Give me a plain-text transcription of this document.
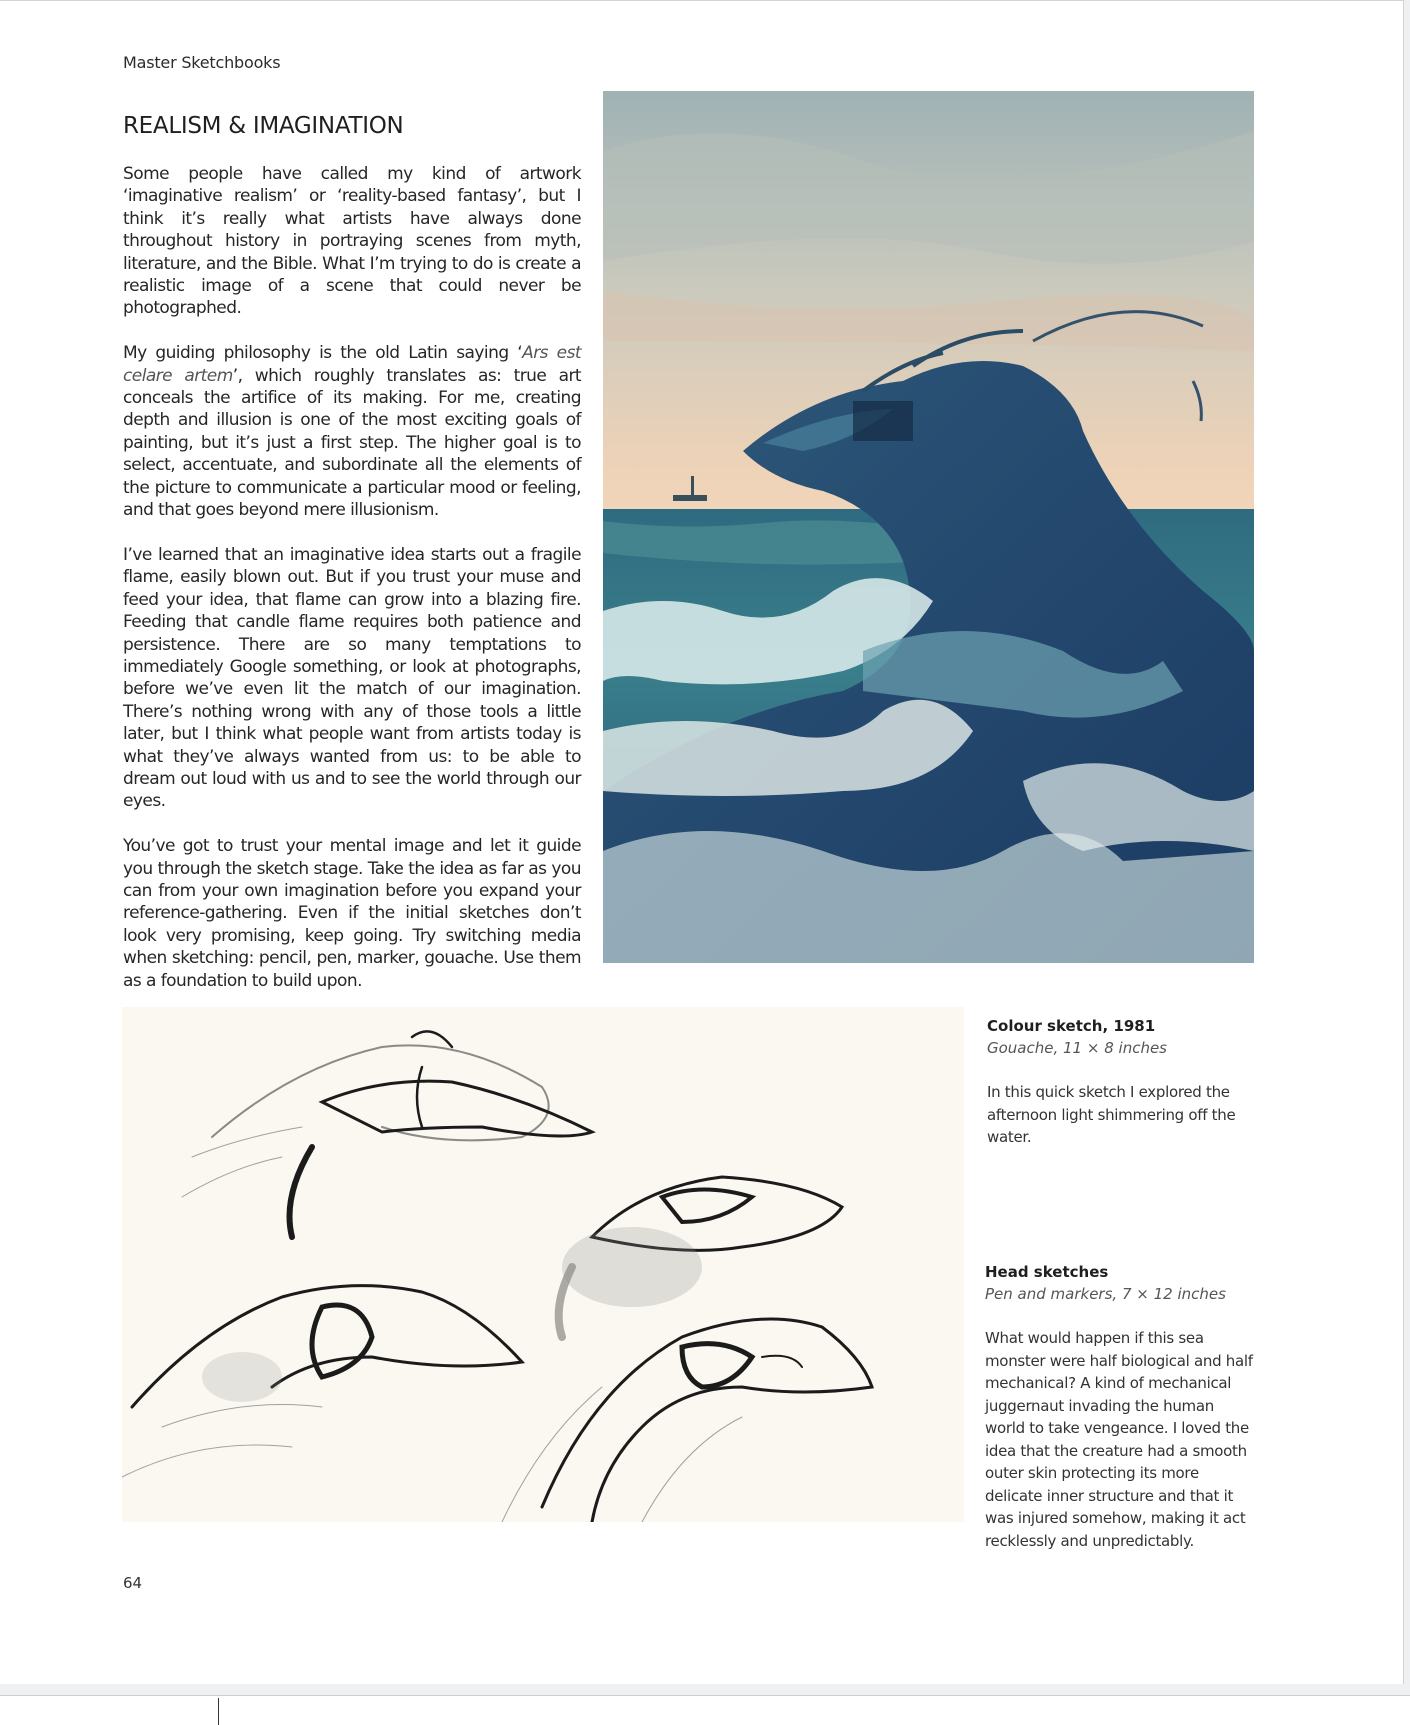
Master Sketchbooks
REALISM & IMAGINATION

Some people have called my kind of artwork ‘imaginative realism’ or ‘reality-based fantasy’, but I think it’s really what artists have always done throughout history in portraying scenes from myth, literature, and the Bible. What I’m trying to do is create a realistic image of a scene that could never be photographed.

My guiding philosophy is the old Latin saying ‘Ars est celare artem’, which roughly translates as: true art conceals the artifice of its making. For me, creating depth and illusion is one of the most exciting goals of painting, but it’s just a first step. The higher goal is to select, accentuate, and subordinate all the elements of the picture to communicate a particular mood or feeling, and that goes beyond mere illusionism.

I’ve learned that an imaginative idea starts out a fragile flame, easily blown out. But if you trust your muse and feed your idea, that flame can grow into a blazing fire. Feeding that candle flame requires both patience and persistence. There are so many temptations to immediately Google something, or look at photographs, before we’ve even lit the match of our imagination. There’s nothing wrong with any of those tools a little later, but I think what people want from artists today is what they’ve always wanted from us: to be able to dream out loud with us and to see the world through our eyes.

You’ve got to trust your mental image and let it guide you through the sketch stage. Take the idea as far as you can from your own imagination before you expand your reference-gathering. Even if the initial sketches don’t look very promising, keep going. Try switching media when sketching: pencil, pen, marker, gouache. Use them as a foundation to build upon.

Colour sketch, 1981
Gouache, 11 × 8 inches
In this quick sketch I explored the afternoon light shimmering off the water.
Head sketches
Pen and markers, 7 × 12 inches
What would happen if this sea monster were half biological and half mechanical? A kind of mechanical juggernaut invading the human world to take vengeance. I loved the idea that the creature had a smooth outer skin protecting its more delicate inner structure and that it was injured somehow, making it act recklessly and unpredictably.
64
